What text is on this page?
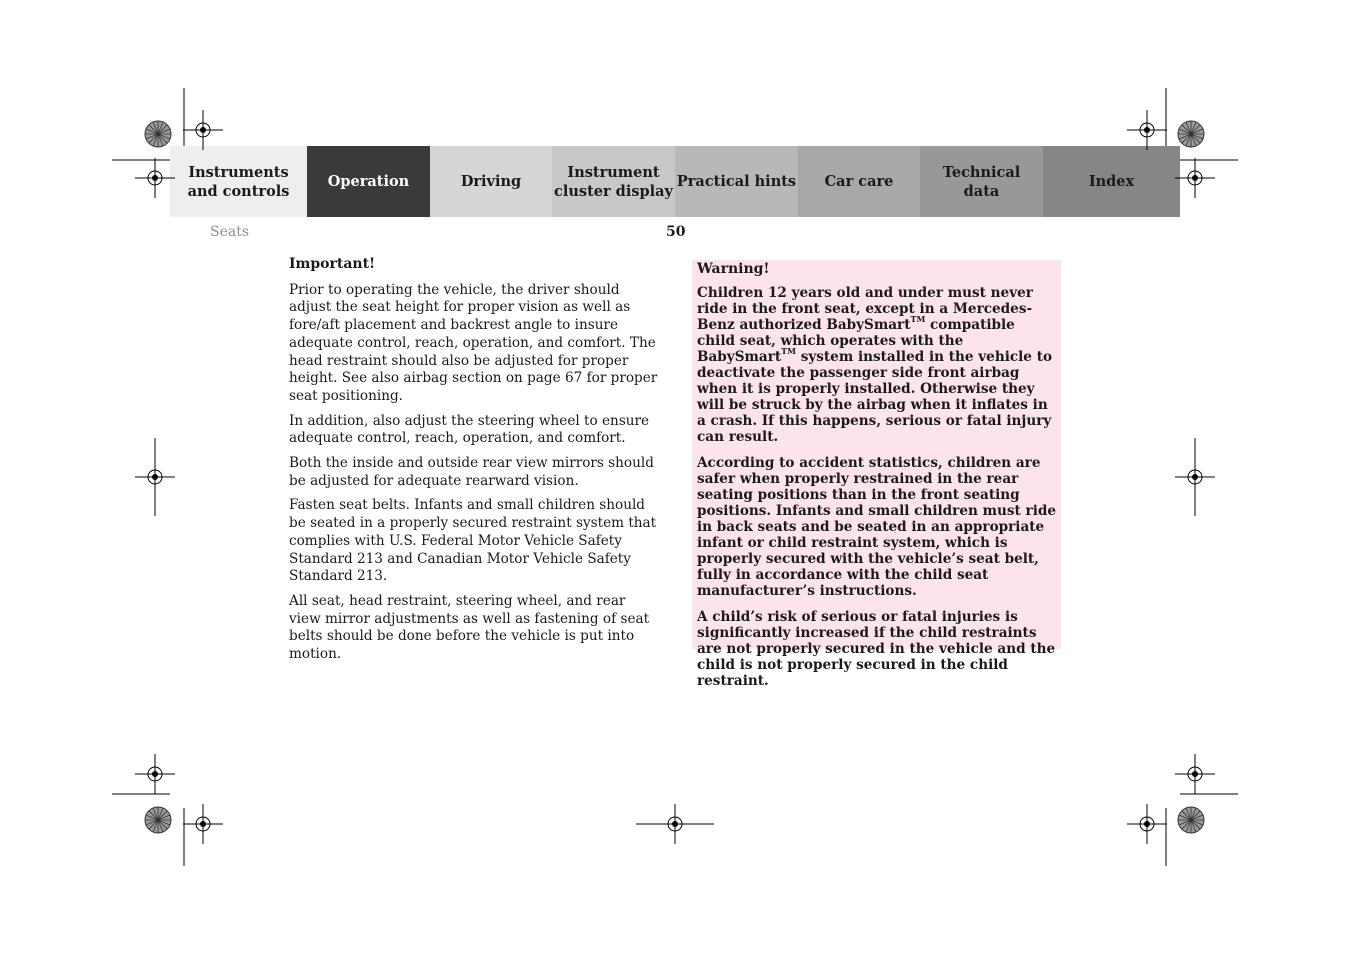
Instruments
and controls
Operation	Driving
Instrument
cluster display
Practical hints	Car care
Technical
data
Index
Seats	50
Important!

Prior to operating the vehicle, the driver should adjust the seat height for proper vision as well as fore/aft placement and backrest angle to insure adequate control, reach, operation, and comfort. The head restraint should also be adjusted for proper height. See also airbag section on page 67 for proper seat positioning.

In addition, also adjust the steering wheel to ensure adequate control, reach, operation, and comfort.

Both the inside and outside rear view mirrors should be adjusted for adequate rearward vision.

Fasten seat belts. Infants and small children should be seated in a properly secured restraint system that complies with U.S. Federal Motor Vehicle Safety Standard 213 and Canadian Motor Vehicle Safety Standard 213.

All seat, head restraint, steering wheel, and rear view mirror adjustments as well as fastening of seat belts should be done before the vehicle is put into motion.

Warning!

Children 12 years old and under must never ride in the front seat, except in a Mercedes-Benz authorized BabySmart™ compatible child seat, which operates with the BabySmart™ system installed in the vehicle to deactivate the passenger side front airbag when it is properly installed. Otherwise they will be struck by the airbag when it inflates in a crash. If this happens, serious or fatal injury can result.

According to accident statistics, children are safer when properly restrained in the rear seating positions than in the front seating positions. Infants and small children must ride in back seats and be seated in an appropriate infant or child restraint system, which is properly secured with the vehicle’s seat belt, fully in accordance with the child seat manufacturer’s instructions.

A child’s risk of serious or fatal injuries is significantly increased if the child restraints are not properly secured in the vehicle and the child is not properly secured in the child restraint.
